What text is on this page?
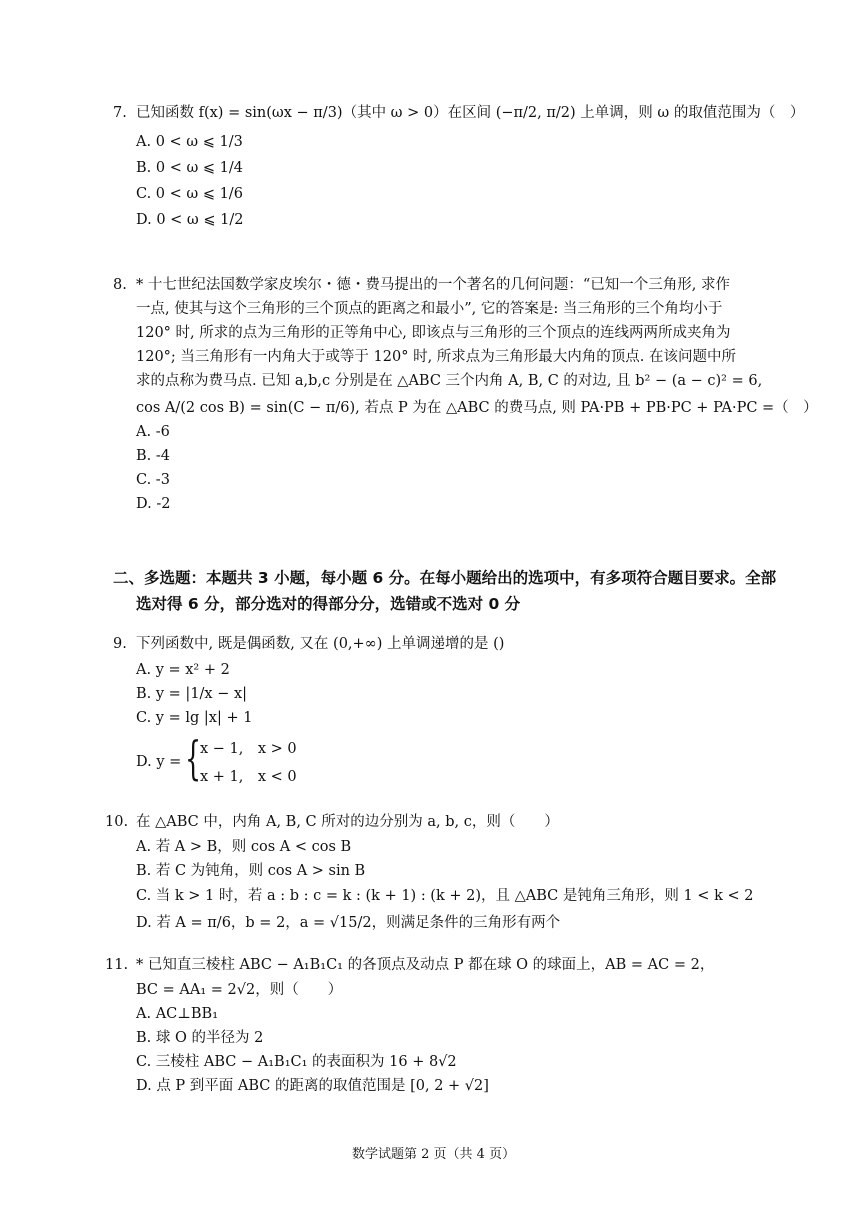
7. 已知函数 f(x) = sin(ωx − π/3)（其中 ω > 0）在区间 (−π/2, π/2) 上单调，则 ω 的取值范围为（　）
A. 0 < ω ⩽ 1/3
B. 0 < ω ⩽ 1/4
C. 0 < ω ⩽ 1/6
D. 0 < ω ⩽ 1/2
8. * 十七世纪法国数学家皮埃尔・德・费马提出的一个著名的几何问题：“已知一个三角形, 求作
一点, 使其与这个三角形的三个顶点的距离之和最小”, 它的答案是: 当三角形的三个角均小于
120° 时, 所求的点为三角形的正等角中心, 即该点与三角形的三个顶点的连线两两所成夹角为
120°; 当三角形有一内角大于或等于 120° 时, 所求点为三角形最大内角的顶点. 在该问题中所
求的点称为费马点. 已知 a,b,c 分别是在 △ABC 三个内角 A, B, C 的对边, 且 b² − (a − c)² = 6,
cos A/(2 cos B) = sin(C − π/6), 若点 P 为在 △ABC 的费马点, 则 PA·PB + PB·PC + PA·PC =（　）
A. -6
B. -4
C. -3
D. -2
二、多选题：本题共 3 小题，每小题 6 分。在每小题给出的选项中，有多项符合题目要求。全部
选对得 6 分，部分选对的得部分分，选错或不选对 0 分
9. 下列函数中, 既是偶函数, 又在 (0,+∞) 上单调递增的是 ()
A. y = x² + 2
B. y = |1/x − x|
C. y = lg |x| + 1
D. y = {
x − 1,　x > 0
x + 1,　x < 0
10. 在 △ABC 中，内角 A, B, C 所对的边分别为 a, b, c，则（　　）
A. 若 A > B，则 cos A < cos B
B. 若 C 为钝角，则 cos A > sin B
C. 当 k > 1 时，若 a : b : c = k : (k + 1) : (k + 2)，且 △ABC 是钝角三角形，则 1 < k < 2
D. 若 A = π/6，b = 2，a = √15/2，则满足条件的三角形有两个
11. * 已知直三棱柱 ABC − A₁B₁C₁ 的各顶点及动点 P 都在球 O 的球面上，AB = AC = 2，
BC = AA₁ = 2√2，则（　　）
A. AC⊥BB₁
B. 球 O 的半径为 2
C. 三棱柱 ABC − A₁B₁C₁ 的表面积为 16 + 8√2
D. 点 P 到平面 ABC 的距离的取值范围是 [0, 2 + √2]
数学试题第 2 页（共 4 页）
